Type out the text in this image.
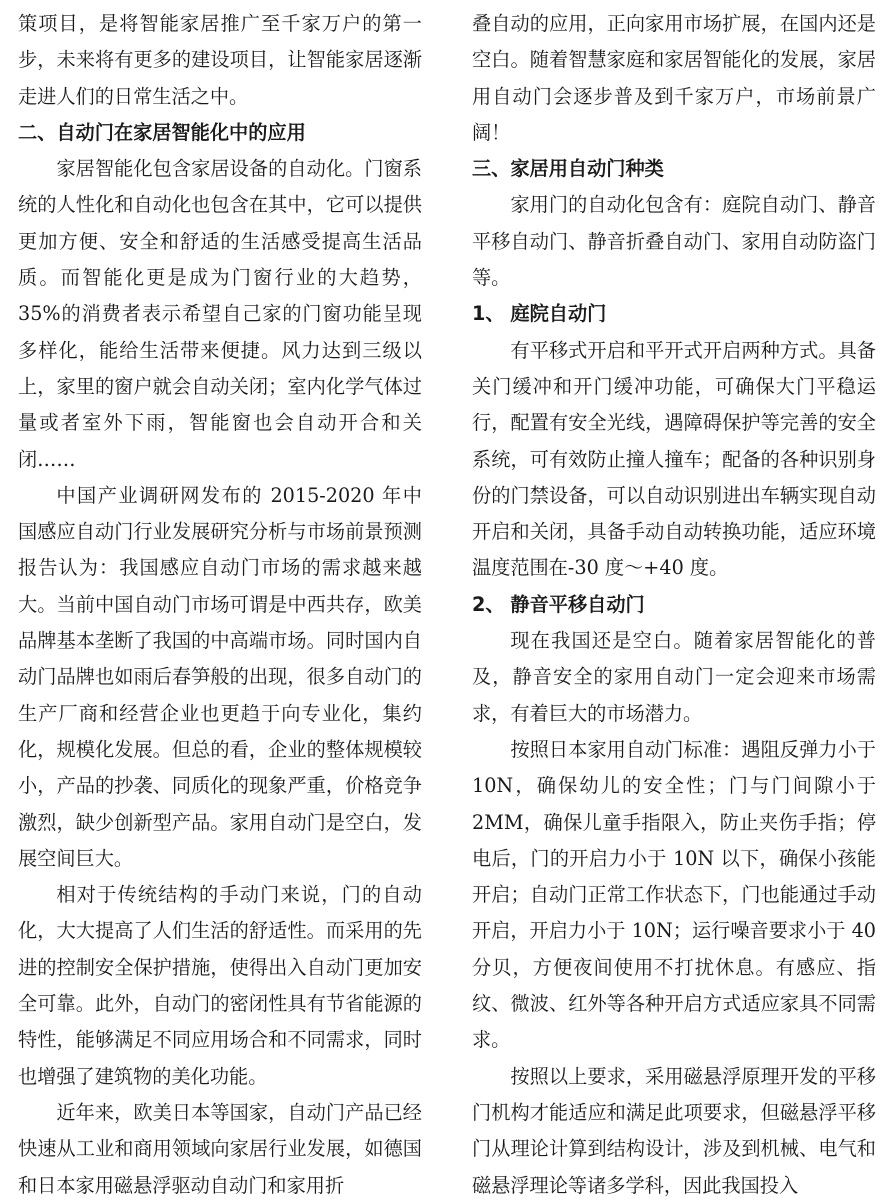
策项目，是将智能家居推广至千家万户的第一步，未来将有更多的建设项目，让智能家居逐渐走进人们的日常生活之中。

二、自动门在家居智能化中的应用

家居智能化包含家居设备的自动化。门窗系统的人性化和自动化也包含在其中，它可以提供更加方便、安全和舒适的生活感受提高生活品质。而智能化更是成为门窗行业的大趋势，35%的消费者表示希望自己家的门窗功能呈现多样化，能给生活带来便捷。风力达到三级以上，家里的窗户就会自动关闭；室内化学气体过量或者室外下雨，智能窗也会自动开合和关闭……

中国产业调研网发布的 2015-2020 年中国感应自动门行业发展研究分析与市场前景预测报告认为：我国感应自动门市场的需求越来越大。当前中国自动门市场可谓是中西共存，欧美品牌基本垄断了我国的中高端市场。同时国内自动门品牌也如雨后春笋般的出现，很多自动门的生产厂商和经营企业也更趋于向专业化，集约化，规模化发展。但总的看，企业的整体规模较小，产品的抄袭、同质化的现象严重，价格竞争激烈，缺少创新型产品。家用自动门是空白，发展空间巨大。

相对于传统结构的手动门来说，门的自动化，大大提高了人们生活的舒适性。而采用的先进的控制安全保护措施，使得出入自动门更加安全可靠。此外，自动门的密闭性具有节省能源的特性，能够满足不同应用场合和不同需求，同时也增强了建筑物的美化功能。

近年来，欧美日本等国家，自动门产品已经快速从工业和商用领域向家居行业发展，如德国和日本家用磁悬浮驱动自动门和家用折

叠自动的应用，正向家用市场扩展，在国内还是空白。随着智慧家庭和家居智能化的发展，家居用自动门会逐步普及到千家万户，市场前景广阔！

三、家居用自动门种类

家用门的自动化包含有：庭院自动门、静音平移自动门、静音折叠自动门、家用自动防盗门等。

1、 庭院自动门

有平移式开启和平开式开启两种方式。具备关门缓冲和开门缓冲功能，可确保大门平稳运行，配置有安全光线，遇障碍保护等完善的安全系统，可有效防止撞人撞车；配备的各种识别身份的门禁设备，可以自动识别进出车辆实现自动开启和关闭，具备手动自动转换功能，适应环境温度范围在-30 度～+40 度。

2、 静音平移自动门

现在我国还是空白。随着家居智能化的普及，静音安全的家用自动门一定会迎来市场需求，有着巨大的市场潜力。

按照日本家用自动门标准：遇阻反弹力小于 10N，确保幼儿的安全性；门与门间隙小于 2MM，确保儿童手指限入，防止夹伤手指；停电后，门的开启力小于 10N 以下，确保小孩能开启；自动门正常工作状态下，门也能通过手动开启，开启力小于 10N；运行噪音要求小于 40 分贝，方便夜间使用不打扰休息。有感应、指纹、微波、红外等各种开启方式适应家具不同需求。

按照以上要求，采用磁悬浮原理开发的平移门机构才能适应和满足此项要求，但磁悬浮平移门从理论计算到结构设计，涉及到机械、电气和磁悬浮理论等诸多学科，因此我国投入
